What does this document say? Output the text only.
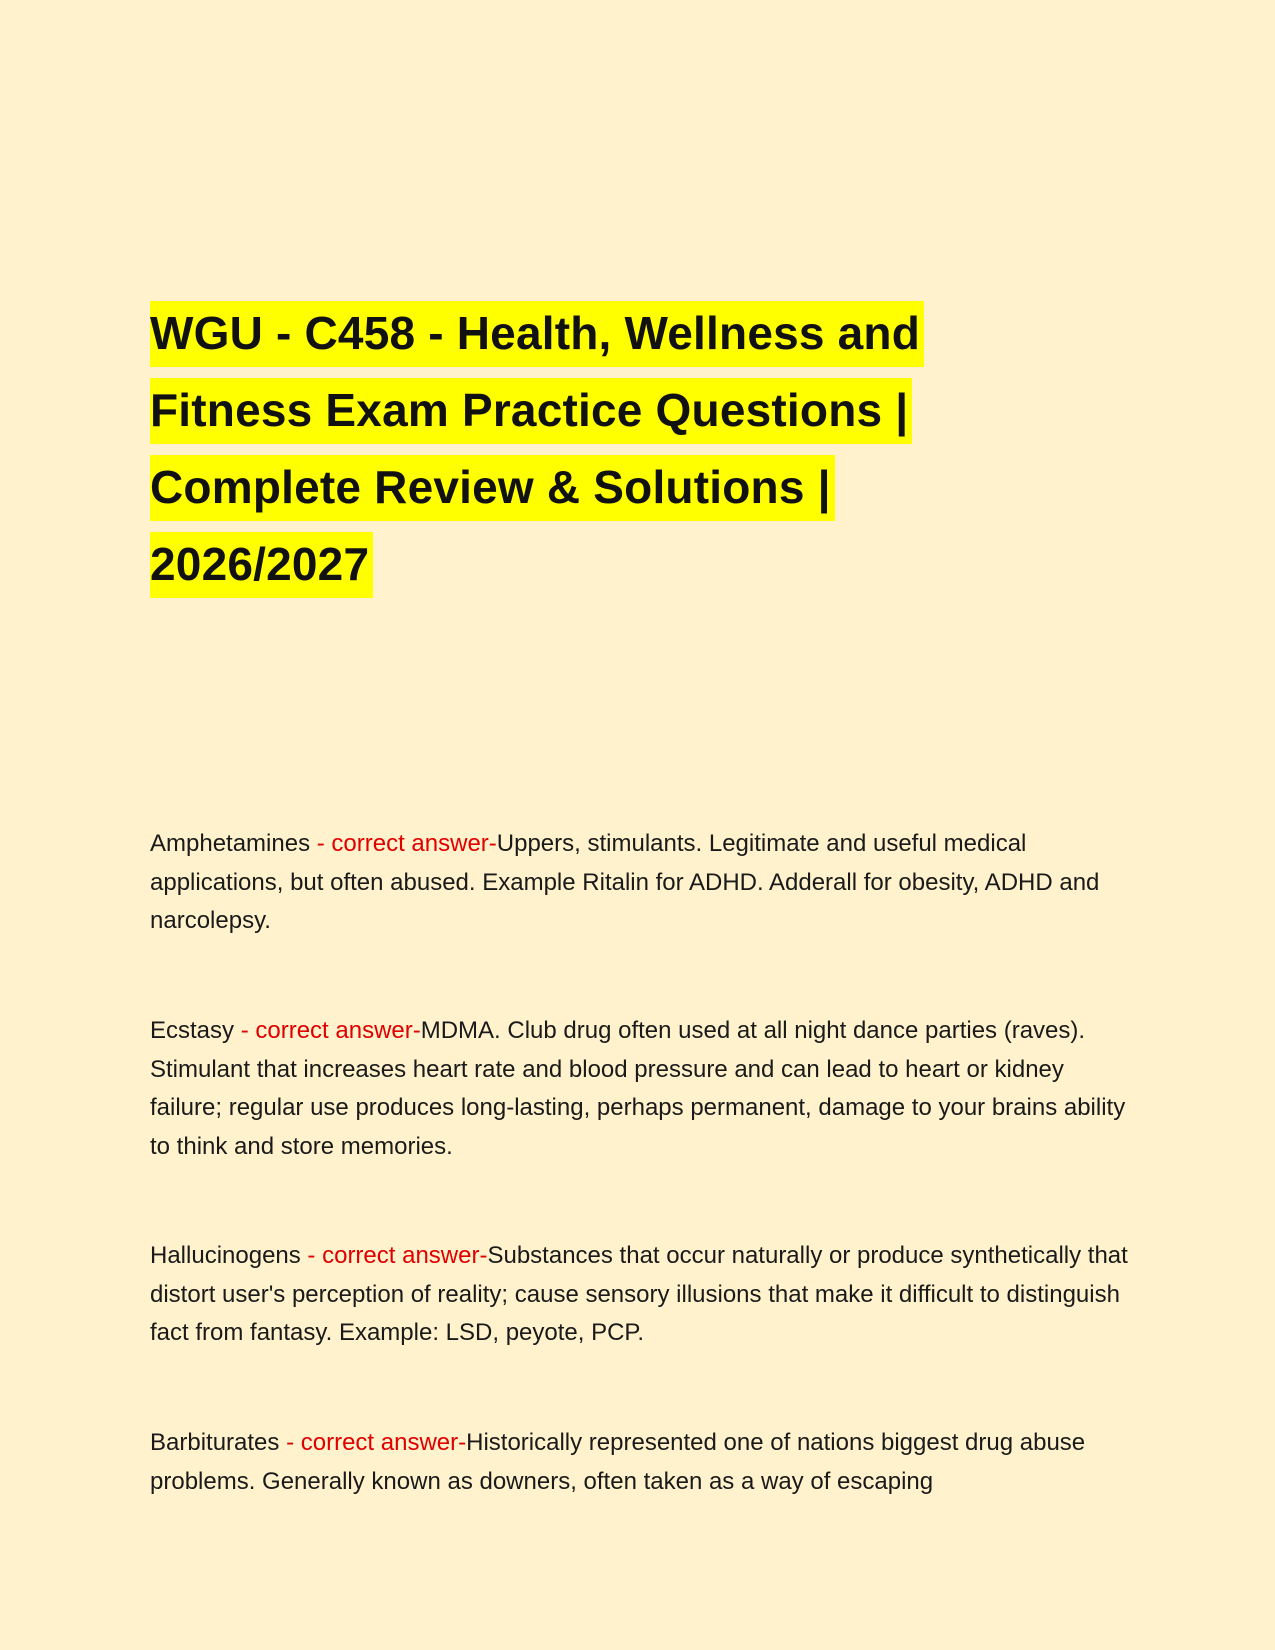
WGU - C458 - Health, Wellness and
Fitness Exam Practice Questions |
Complete Review & Solutions |
2026/2027

Amphetamines - correct answer-Uppers, stimulants. Legitimate and useful medical applications, but often abused. Example Ritalin for ADHD. Adderall for obesity, ADHD and narcolepsy.

Ecstasy - correct answer-MDMA. Club drug often used at all night dance parties (raves). Stimulant that increases heart rate and blood pressure and can lead to heart or kidney failure; regular use produces long-lasting, perhaps permanent, damage to your brains ability to think and store memories.

Hallucinogens - correct answer-Substances that occur naturally or produce synthetically that distort user's perception of reality; cause sensory illusions that make it difficult to distinguish fact from fantasy. Example: LSD, peyote, PCP.

Barbiturates - correct answer-Historically represented one of nations biggest drug abuse problems. Generally known as downers, often taken as a way of escaping
